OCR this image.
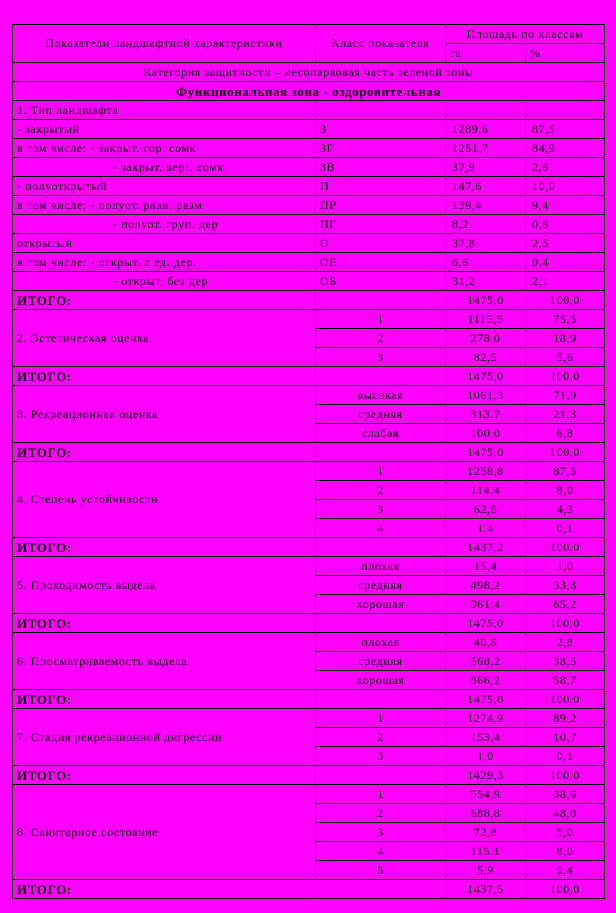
Показатели ландшафтной характеристики	Класс показателя	Площадь по классам	
		га	%
Категория защитности – лесопарковая часть зеленой зоны			
Функциональная зона - оздоровительная			
1. Тип ландшафта			
- закрытый	З	1289,6	87,5
в том числе: - закрыт. гор. сомк	ЗГ	1251,7	84,9
- закрыт. верт. сомк.	ЗВ	37,9	2,6
- полуоткрытый	П	147,6	10,0
в том числе: - полуот. равн. разм	ПР	139,4	9,4
- полуот. груп. дер	ПГ	8,2	0,6
открытый	О	37,8	2,5
в том числе: - открыт. с ед. дер.	ОЕ	6,6	0,4
- открыт. без дер	ОБ	31,2	2,1
ИТОГО:		1475,0	100,0
2. Эстетическая оценка	1	1115,5	75,5
	2	278,0	18,9
	3	82,5	5,6
ИТОГО:		1475,0	100,0
3. Рекреационная оценка	высокая	1061,3	71,9
	средняя	313,7	21,3
	слабая	100,0	6,8
ИТОГО:		1475,0	100,0
4. Степень устойчивости	1	1258,8	87,5
	2	114,4	8,0
	3	62,6	4,3
	4	1,4	0,1
ИТОГО:		1437,2	100,0
5. Проходимость выдела	плохая	15,4	1,0
	средняя	498,2	33,8
	хорошая	961,4	65,2
ИТОГО:		1475,0	100,0
6. Просматриваемость выдела	плохая	40,6	2,8
	средняя	568,2	38,5
	хорошая	866,2	58,7
ИТОГО:		1475,0	100,0
7. Стадия рекреационной дигрессии	1	1274,9	89,2
	2	153,4	10,7
	3	1,0	0,1
ИТОГО:		1429,3	100,0
8. Санитарное состояние	1	554,9	38,6
	2	688,8	48,0
	3	72,8	5,0
	4	115,1	8,0
	5	5,9	0,4
ИТОГО:		1437,5	100,0
